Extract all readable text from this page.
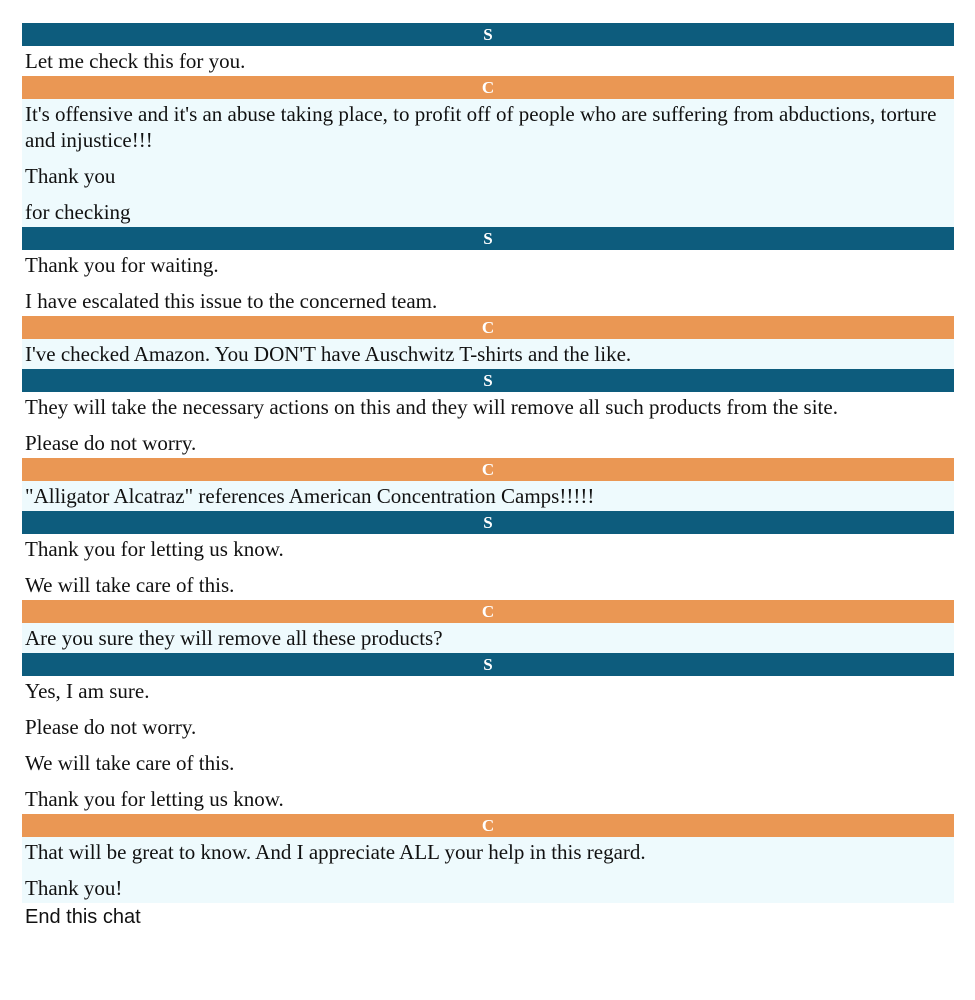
S
Let me check this for you.
C
It's offensive and it's an abuse taking place, to profit off of people who are suffering from abductions, torture and injustice!!!
Thank you
for checking
S
Thank you for waiting.
I have escalated this issue to the concerned team.
C
I've checked Amazon. You DON'T have Auschwitz T-shirts and the like.
S
They will take the necessary actions on this and they will remove all such products from the site.
Please do not worry.
C
"Alligator Alcatraz" references American Concentration Camps!!!!!
S
Thank you for letting us know.
We will take care of this.
C
Are you sure they will remove all these products?
S
Yes, I am sure.
Please do not worry.
We will take care of this.
Thank you for letting us know.
C
That will be great to know. And I appreciate ALL your help in this regard.
Thank you!
End this chat
